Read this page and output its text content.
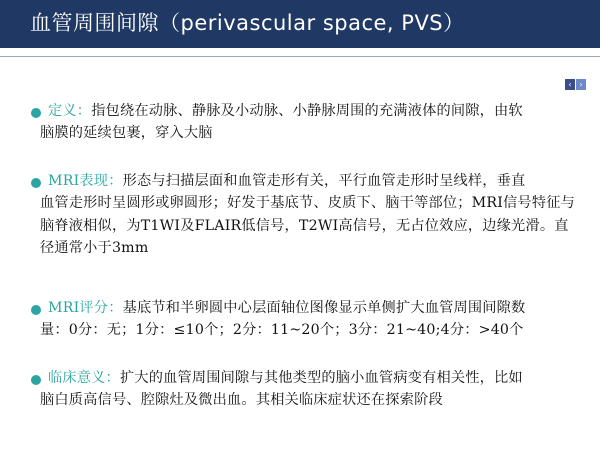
血管周围间隙（perivascular space, PVS）
‹ ›
定义：指包绕在动脉、静脉及小动脉、小静脉周围的充满液体的间隙，由软
脑膜的延续包裹，穿入大脑
MRI表现：形态与扫描层面和血管走形有关，平行血管走形时呈线样，垂直
血管走形时呈圆形或卵圆形；好发于基底节、皮质下、脑干等部位；MRI信号特征与脑脊液相似，为T1WI及FLAIR低信号，T2WI高信号，无占位效应，边缘光滑。直径通常小于3mm
MRI评分：基底节和半卵圆中心层面轴位图像显示单侧扩大血管周围间隙数
量：0分：无；1分：≤10个；2分：11~20个；3分：21~40;4分：>40个
临床意义：扩大的血管周围间隙与其他类型的脑小血管病变有相关性，比如
脑白质高信号、腔隙灶及微出血。其相关临床症状还在探索阶段
